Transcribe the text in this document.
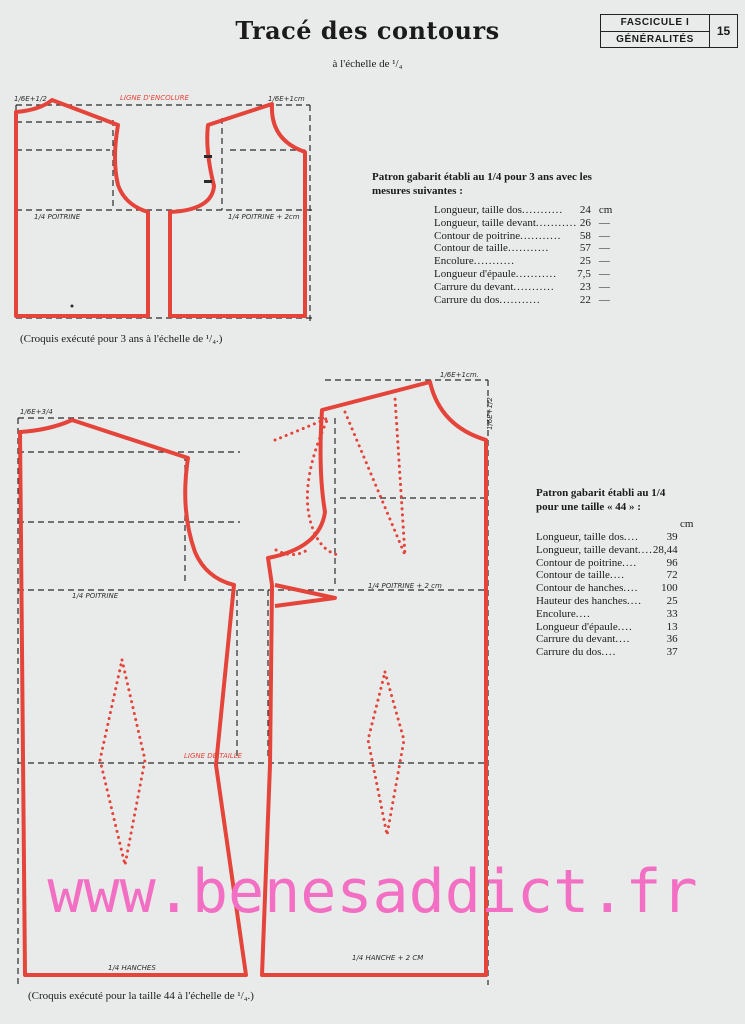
Tracé des contours
à l'échelle de ¹/₄
FASCICULE I
GÉNÉRALITÉS
15
1/6E+1/2	LIGNE D'ENCOLURE	1/6E+1cm
1/4 POITRINE	1/4 POITRINE + 2cm
1/6E+3/4
1/6E+1cm.
1/6E+1/2
1/4 POITRINE
1/4 POITRINE + 2 cm
LIGNE DE TAILLE
1/4 HANCHES
1/4 HANCHE + 2 CM
Patron gabarit établi au 1/4 pour 3 ans avec les
mesures suivantes :
Longueur, taille dos...........	24	cm
Longueur, taille devant...........	26	—
Contour de poitrine...........	58	—
Contour de taille...........	57	—
Encolure...........	25	—
Longueur d'épaule...........	7,5	—
Carrure du devant...........	23	—
Carrure du dos...........	22	—
Patron gabarit établi au 1/4
pour une taille « 44 » :
cm
Longueur, taille dos....	39
Longueur, taille devant....	28,44
Contour de poitrine....	96
Contour de taille....	72
Contour de hanches....	100
Hauteur des hanches....	25
Encolure....	33
Longueur d'épaule....	13
Carrure du devant....	36
Carrure du dos....	37
(Croquis exécuté pour 3 ans à l'échelle de ¹/₄.)
(Croquis exécuté pour la taille 44 à l'échelle de ¹/₄.)
www.benesaddict.fr
